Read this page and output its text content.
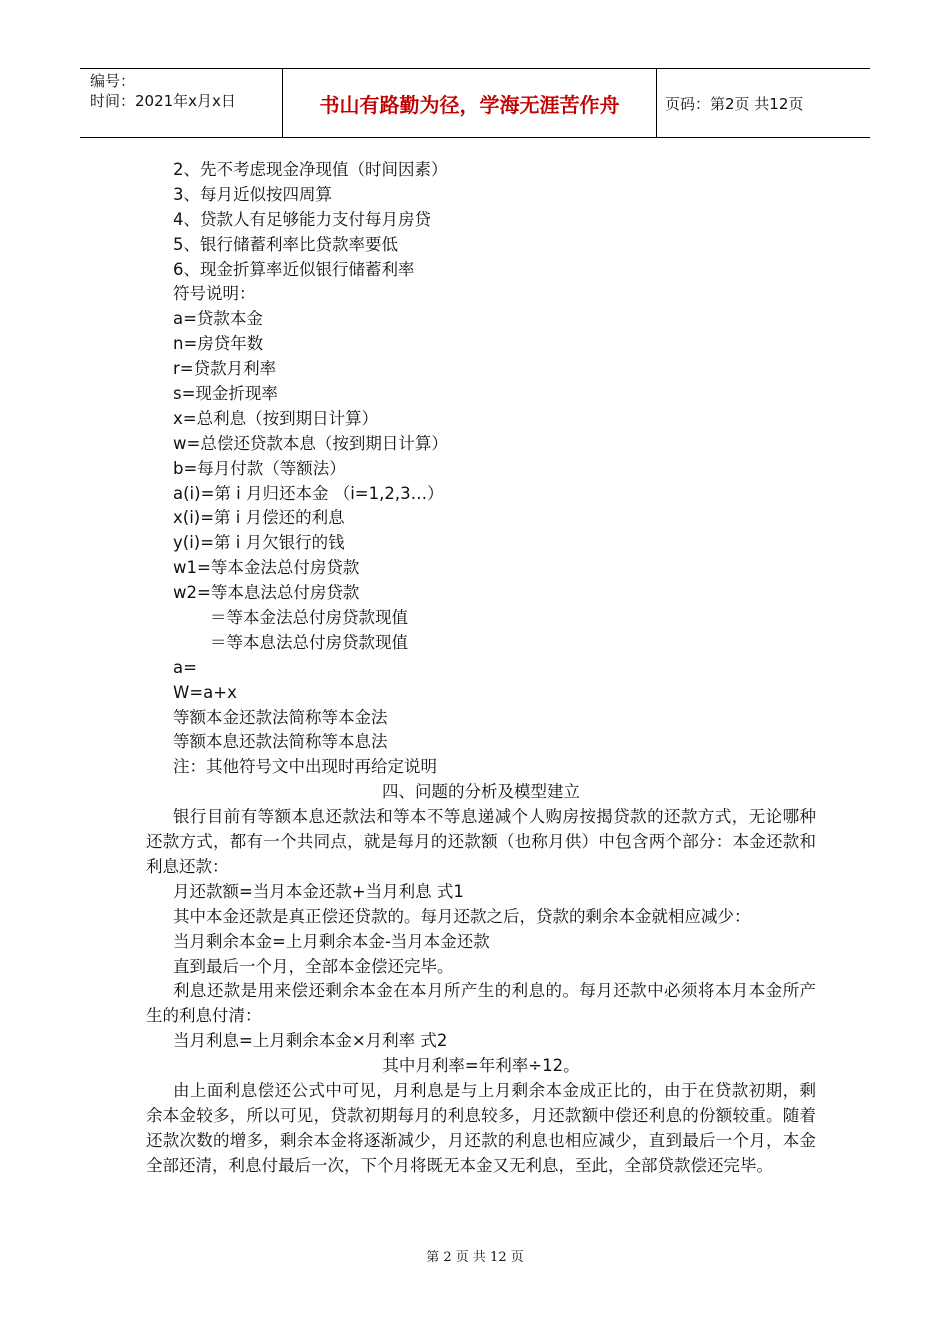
编号：
时间：2021年x月x日	书山有路勤为径，学海无涯苦作舟	页码：第2页 共12页
2、先不考虑现金净现值（时间因素）
3、每月近似按四周算
4、贷款人有足够能力支付每月房贷
5、银行储蓄利率比贷款率要低
6、现金折算率近似银行储蓄利率
符号说明：
a=贷款本金
n=房贷年数
r=贷款月利率
s=现金折现率
x=总利息（按到期日计算）
w=总偿还贷款本息（按到期日计算）
b=每月付款（等额法）
a(i)=第 i 月归还本金 （i=1,2,3…）
x(i)=第 i 月偿还的利息
y(i)=第 i 月欠银行的钱
w1=等本金法总付房贷款
w2=等本息法总付房贷款
＝等本金法总付房贷款现值
＝等本息法总付房贷款现值
a=
W=a+x
等额本金还款法简称等本金法
等额本息还款法简称等本息法
注：其他符号文中出现时再给定说明
四、问题的分析及模型建立
银行目前有等额本息还款法和等本不等息递减个人购房按揭贷款的还款方式，无论哪种还款方式，都有一个共同点，就是每月的还款额（也称月供）中包含两个部分：本金还款和利息还款：
月还款额=当月本金还款+当月利息 式1
其中本金还款是真正偿还贷款的。每月还款之后，贷款的剩余本金就相应减少：
当月剩余本金=上月剩余本金-当月本金还款
直到最后一个月，全部本金偿还完毕。
利息还款是用来偿还剩余本金在本月所产生的利息的。每月还款中必须将本月本金所产生的利息付清：
当月利息=上月剩余本金×月利率 式2
其中月利率=年利率÷12。
由上面利息偿还公式中可见，月利息是与上月剩余本金成正比的，由于在贷款初期，剩余本金较多，所以可见，贷款初期每月的利息较多，月还款额中偿还利息的份额较重。随着还款次数的增多，剩余本金将逐渐减少，月还款的利息也相应减少，直到最后一个月，本金全部还清，利息付最后一次，下个月将既无本金又无利息，至此，全部贷款偿还完毕。
第 2 页 共 12 页
